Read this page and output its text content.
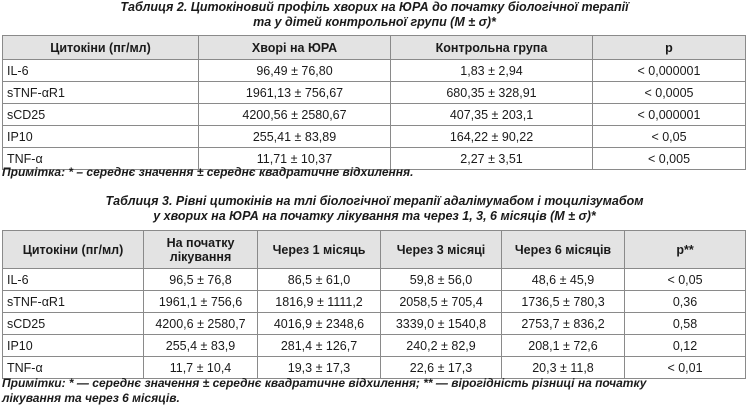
Таблиця 2. Цитокіновий профіль хворих на ЮРА до початку біологічної терапії
та у дітей контрольної групи (M ± σ)*
Цитокіни (пг/мл)	Хворі на ЮРА	Контрольна група	p
IL-6	96,49 ± 76,80	1,83 ± 2,94	< 0,000001
sTNF-αR1	1961,13 ± 756,67	680,35 ± 328,91	< 0,0005
sCD25	4200,56 ± 2580,67	407,35 ± 203,1	< 0,000001
IP10	255,41 ± 83,89	164,22 ± 90,22	< 0,05
TNF-α	11,71 ± 10,37	2,27 ± 3,51	< 0,005
Примітка: * – середнє значення ± середнє квадратичне відхилення.
Таблиця 3. Рівні цитокінів на тлі біологічної терапії адалімумабом і тоцилізумабом
у хворих на ЮРА на початку лікування та через 1, 3, 6 місяців (M ± σ)*
Цитокіни (пг/мл)	На початку лікування	Через 1 місяць	Через 3 місяці	Через 6 місяців	p**
IL-6	96,5 ± 76,8	86,5 ± 61,0	59,8 ± 56,0	48,6 ± 45,9	< 0,05
sTNF-αR1	1961,1 ± 756,6	1816,9 ± 1111,2	2058,5 ± 705,4	1736,5 ± 780,3	0,36
sCD25	4200,6 ± 2580,7	4016,9 ± 2348,6	3339,0 ± 1540,8	2753,7 ± 836,2	0,58
IP10	255,4 ± 83,9	281,4 ± 126,7	240,2 ± 82,9	208,1 ± 72,6	0,12
TNF-α	11,7 ± 10,4	19,3 ± 17,3	22,6 ± 17,3	20,3 ± 11,8	< 0,01
Примітки: * — середнє значення ± середнє квадратичне відхилення; ** — вірогідність різниці на початку
лікування та через 6 місяців.
